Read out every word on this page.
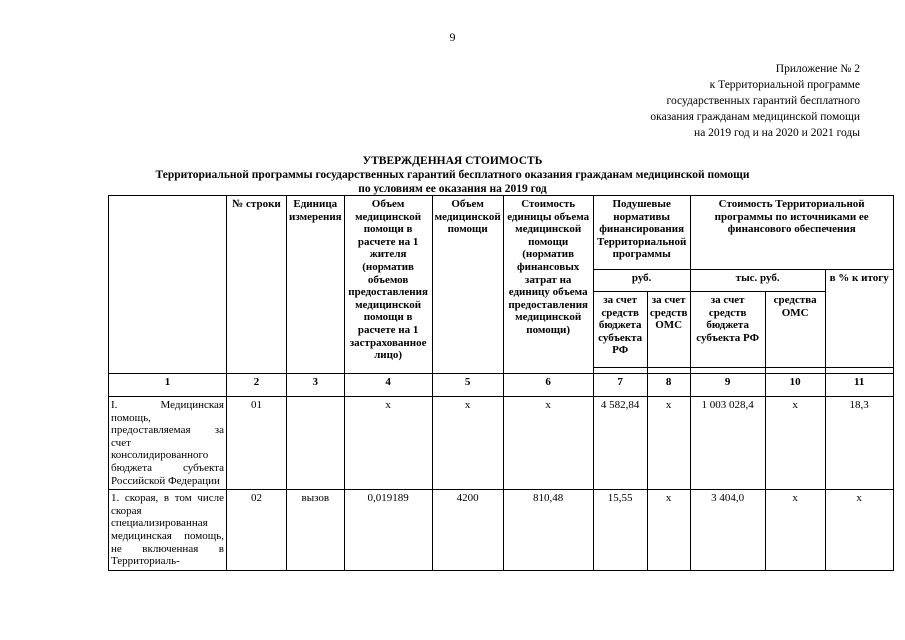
9
Приложение № 2
к Территориальной программе
государственных гарантий бесплатного
оказания гражданам медицинской помощи
на 2019 год и на 2020 и 2021 годы
УТВЕРЖДЕННАЯ СТОИМОСТЬ
Территориальной программы государственных гарантий бесплатного оказания гражданам медицинской помощи
по условиям ее оказания на 2019 год
	№ строки	Единица измерения	Объем медицинской помощи в расчете на 1 жителя (норматив объемов предоставления медицинской помощи в расчете на 1 застрахованное лицо)	Объем медицинской помощи	Стоимость единицы объема медицинской помощи (норматив финансовых затрат на единицу объема предоставления медицинской помощи)	Подушевые нормативы финансирования Территориальной программы		Стоимость Территориальной программы по источниками ее финансового обеспечения		
						руб.		тыс. руб.		в % к итогу
						за счет средств бюджета субъекта РФ	за счет средств ОМС	за счет средств бюджета субъекта РФ	средства ОМС	

1	2	3	4	5	6	7	8	9	10	11
I. Медицинская помощь, предоставляемая за счет консолидированного бюджета субъекта Российской Федерации	01		х	х	х	4 582,84	х	1 003 028,4	х	18,3
1. скорая, в том числе скорая специализированная медицинская помощь, не включенная в Территориаль-	02	вызов	0,019189	4200	810,48	15,55	х	3 404,0	х	х
